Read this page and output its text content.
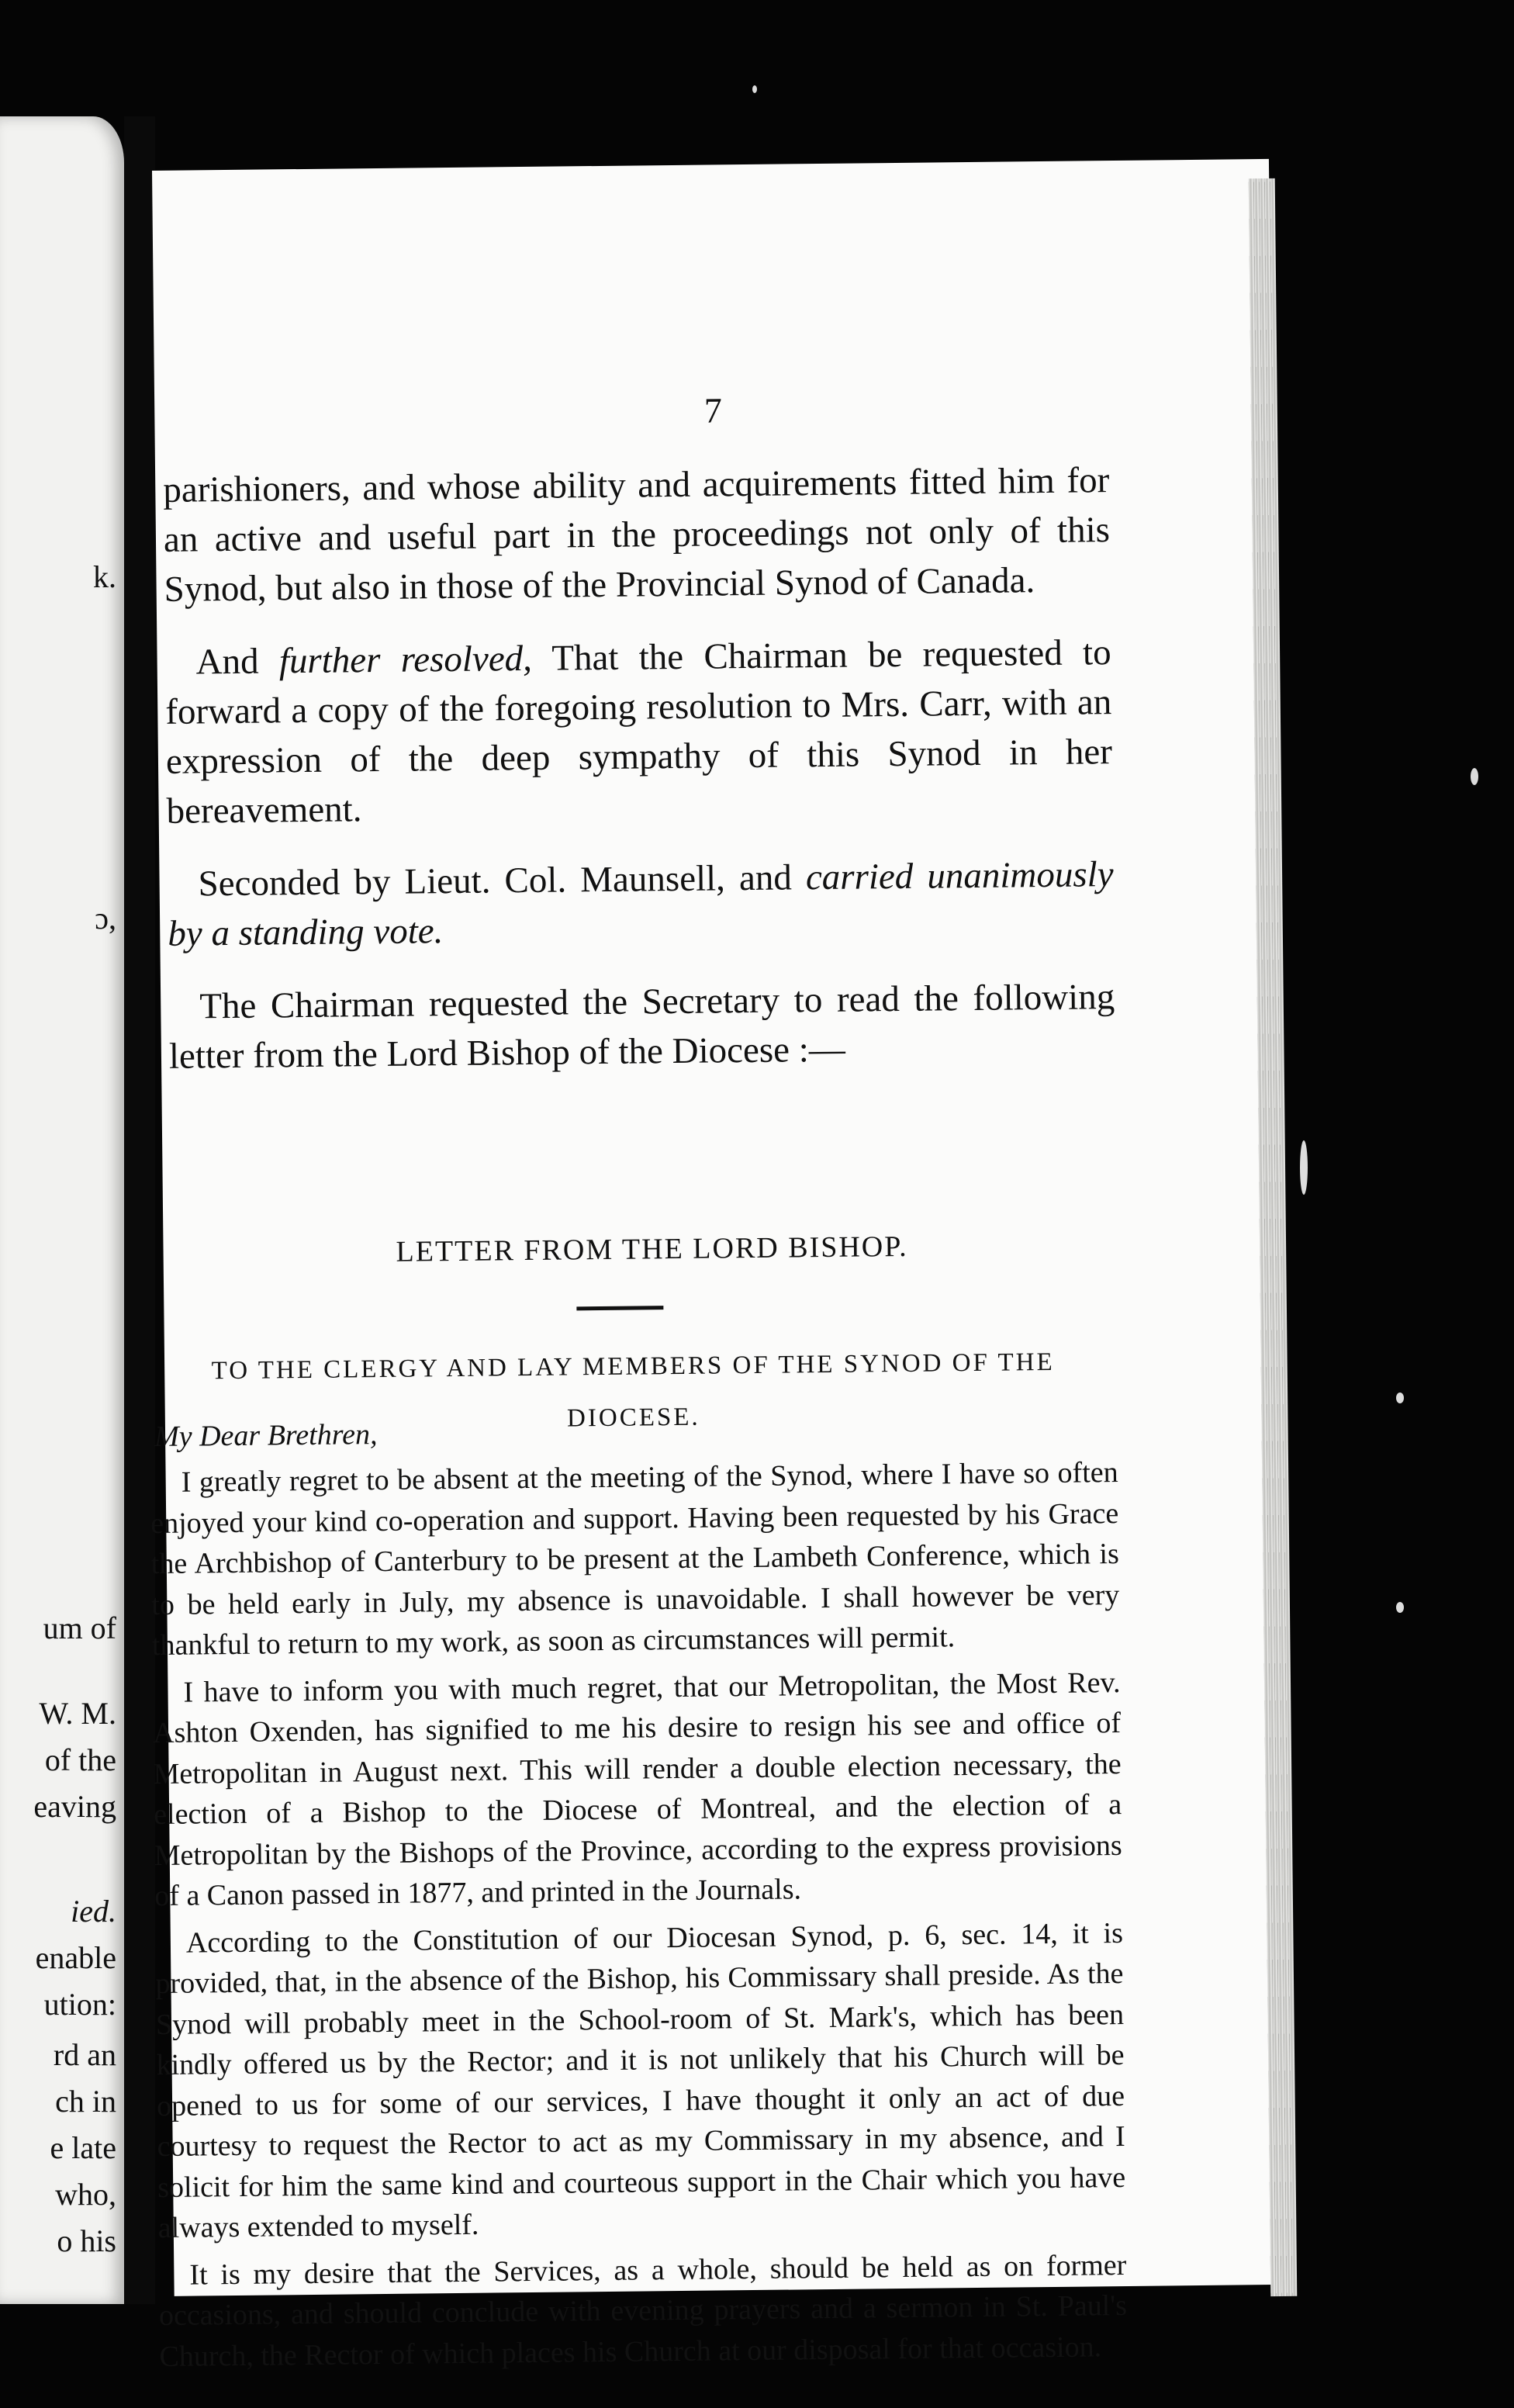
k.
ɔ,
um of
W. M.
of the
eaving
ied.
enable
ution:
rd an
ch in
e late
who,
o his
7

parishioners, and whose ability and acquirements fitted him for an active and useful part in the proceedings not only of this Synod, but also in those of the Provincial Synod of Canada.

And further resolved, That the Chairman be requested to forward a copy of the foregoing resolution to Mrs. Carr, with an expression of the deep sympathy of this Synod in her bereavement.

Seconded by Lieut. Col. Maunsell, and carried unanimously by a standing vote.

The Chairman requested the Secretary to read the following letter from the Lord Bishop of the Diocese :—

LETTER FROM THE LORD BISHOP.
TO THE CLERGY AND LAY MEMBERS OF THE SYNOD OF THE DIOCESE.
My Dear Brethren,

I greatly regret to be absent at the meeting of the Synod, where I have so often enjoyed your kind co-operation and support. Having been requested by his Grace the Archbishop of Canterbury to be present at the Lambeth Conference, which is to be held early in July, my absence is unavoidable. I shall however be very thankful to return to my work, as soon as circumstances will permit.

I have to inform you with much regret, that our Metropolitan, the Most Rev. Ashton Oxenden, has signified to me his desire to resign his see and office of Metropolitan in August next. This will render a double election necessary, the election of a Bishop to the Diocese of Montreal, and the election of a Metropolitan by the Bishops of the Province, according to the express provisions of a Canon passed in 1877, and printed in the Journals.

According to the Constitution of our Diocesan Synod, p. 6, sec. 14, it is provided, that, in the absence of the Bishop, his Commissary shall preside. As the Synod will probably meet in the School-room of St. Mark's, which has been kindly offered us by the Rector; and it is not unlikely that his Church will be opened to us for some of our services, I have thought it only an act of due courtesy to request the Rector to act as my Commissary in my absence, and I solicit for him the same kind and courteous support in the Chair which you have always extended to myself.

It is my desire that the Services, as a whole, should be held as on former occasions, and should conclude with evening prayers and a sermon in St. Paul's Church, the Rector of which places his Church at our disposal for that occasion.
